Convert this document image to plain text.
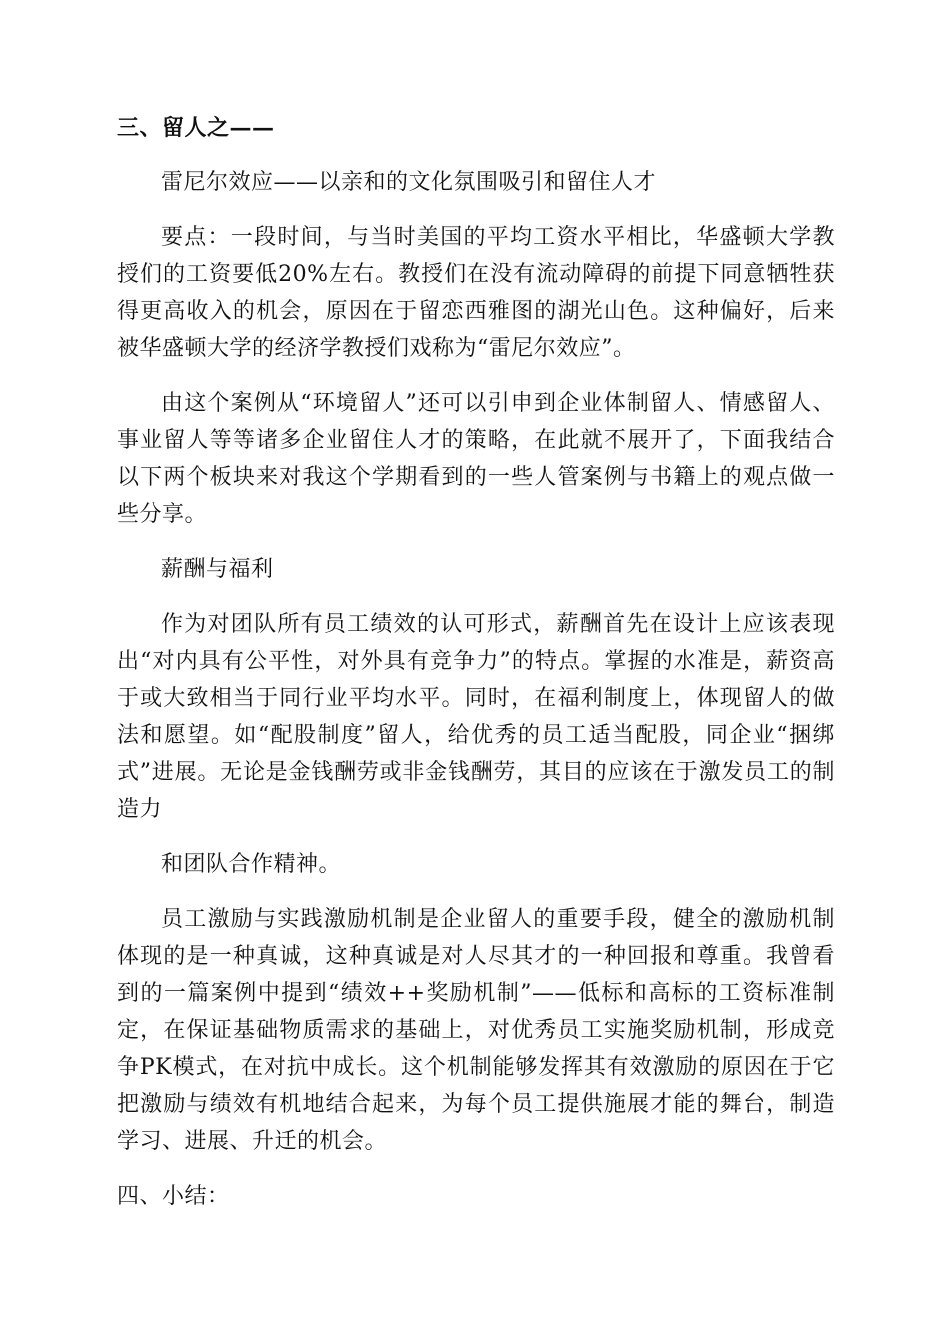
三、留人之——

雷尼尔效应——以亲和的文化氛围吸引和留住人才

要点：一段时间，与当时美国的平均工资水平相比，华盛顿大学教授们的工资要低20%左右。教授们在没有流动障碍的前提下同意牺牲获得更高收入的机会，原因在于留恋西雅图的湖光山色。这种偏好，后来被华盛顿大学的经济学教授们戏称为“雷尼尔效应”。

由这个案例从“环境留人”还可以引申到企业体制留人、情感留人、事业留人等等诸多企业留住人才的策略，在此就不展开了，下面我结合以下两个板块来对我这个学期看到的一些人管案例与书籍上的观点做一些分享。

薪酬与福利

作为对团队所有员工绩效的认可形式，薪酬首先在设计上应该表现出“对内具有公平性，对外具有竞争力”的特点。掌握的水准是，薪资高于或大致相当于同行业平均水平。同时，在福利制度上，体现留人的做法和愿望。如“配股制度”留人，给优秀的员工适当配股，同企业“捆绑式”进展。无论是金钱酬劳或非金钱酬劳，其目的应该在于激发员工的制造力

和团队合作精神。

员工激励与实践激励机制是企业留人的重要手段，健全的激励机制体现的是一种真诚，这种真诚是对人尽其才的一种回报和尊重。我曾看到的一篇案例中提到“绩效++奖励机制”——低标和高标的工资标准制定，在保证基础物质需求的基础上，对优秀员工实施奖励机制，形成竞争PK模式，在对抗中成长。这个机制能够发挥其有效激励的原因在于它把激励与绩效有机地结合起来，为每个员工提供施展才能的舞台，制造学习、进展、升迁的机会。

四、小结：
